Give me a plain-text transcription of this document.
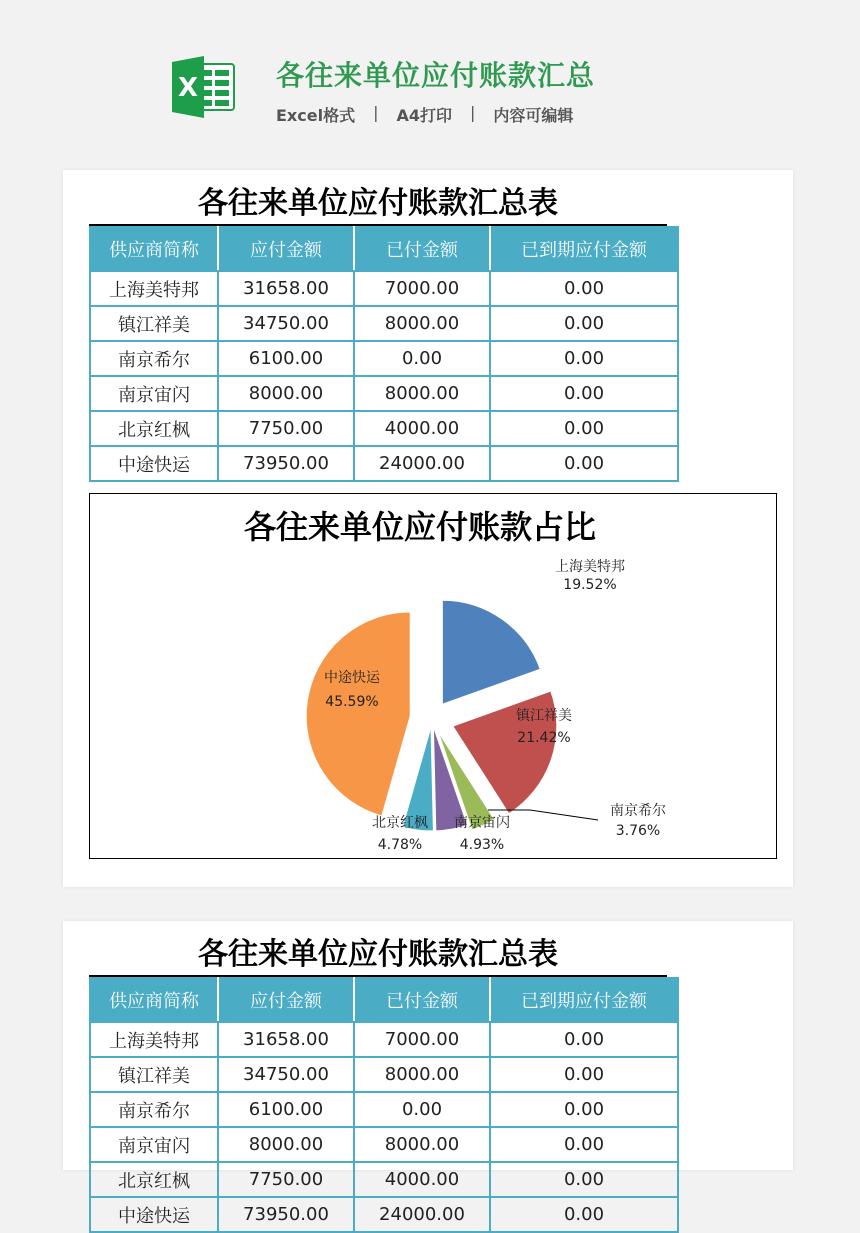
X	各往来单位应付账款汇总
Excel格式 | A4打印 | 内容可编辑
各往来单位应付账款汇总表
供应商简称	应付金额	已付金额	已到期应付金额
上海美特邦	31658.00	7000.00	0.00
镇江祥美	34750.00	8000.00	0.00
南京希尔	6100.00	0.00	0.00
南京宙闪	8000.00	8000.00	0.00
北京红枫	7750.00	4000.00	0.00
中途快运	73950.00	24000.00	0.00
各往来单位应付账款占比
上海美特邦
19.52%
镇江祥美
21.42%
南京希尔
3.76%
南京宙闪
4.93%
北京红枫
4.78%
中途快运
45.59%
各往来单位应付账款汇总表
供应商简称	应付金额	已付金额	已到期应付金额
上海美特邦	31658.00	7000.00	0.00
镇江祥美	34750.00	8000.00	0.00
南京希尔	6100.00	0.00	0.00
南京宙闪	8000.00	8000.00	0.00
北京红枫	7750.00	4000.00	0.00
中途快运	73950.00	24000.00	0.00
